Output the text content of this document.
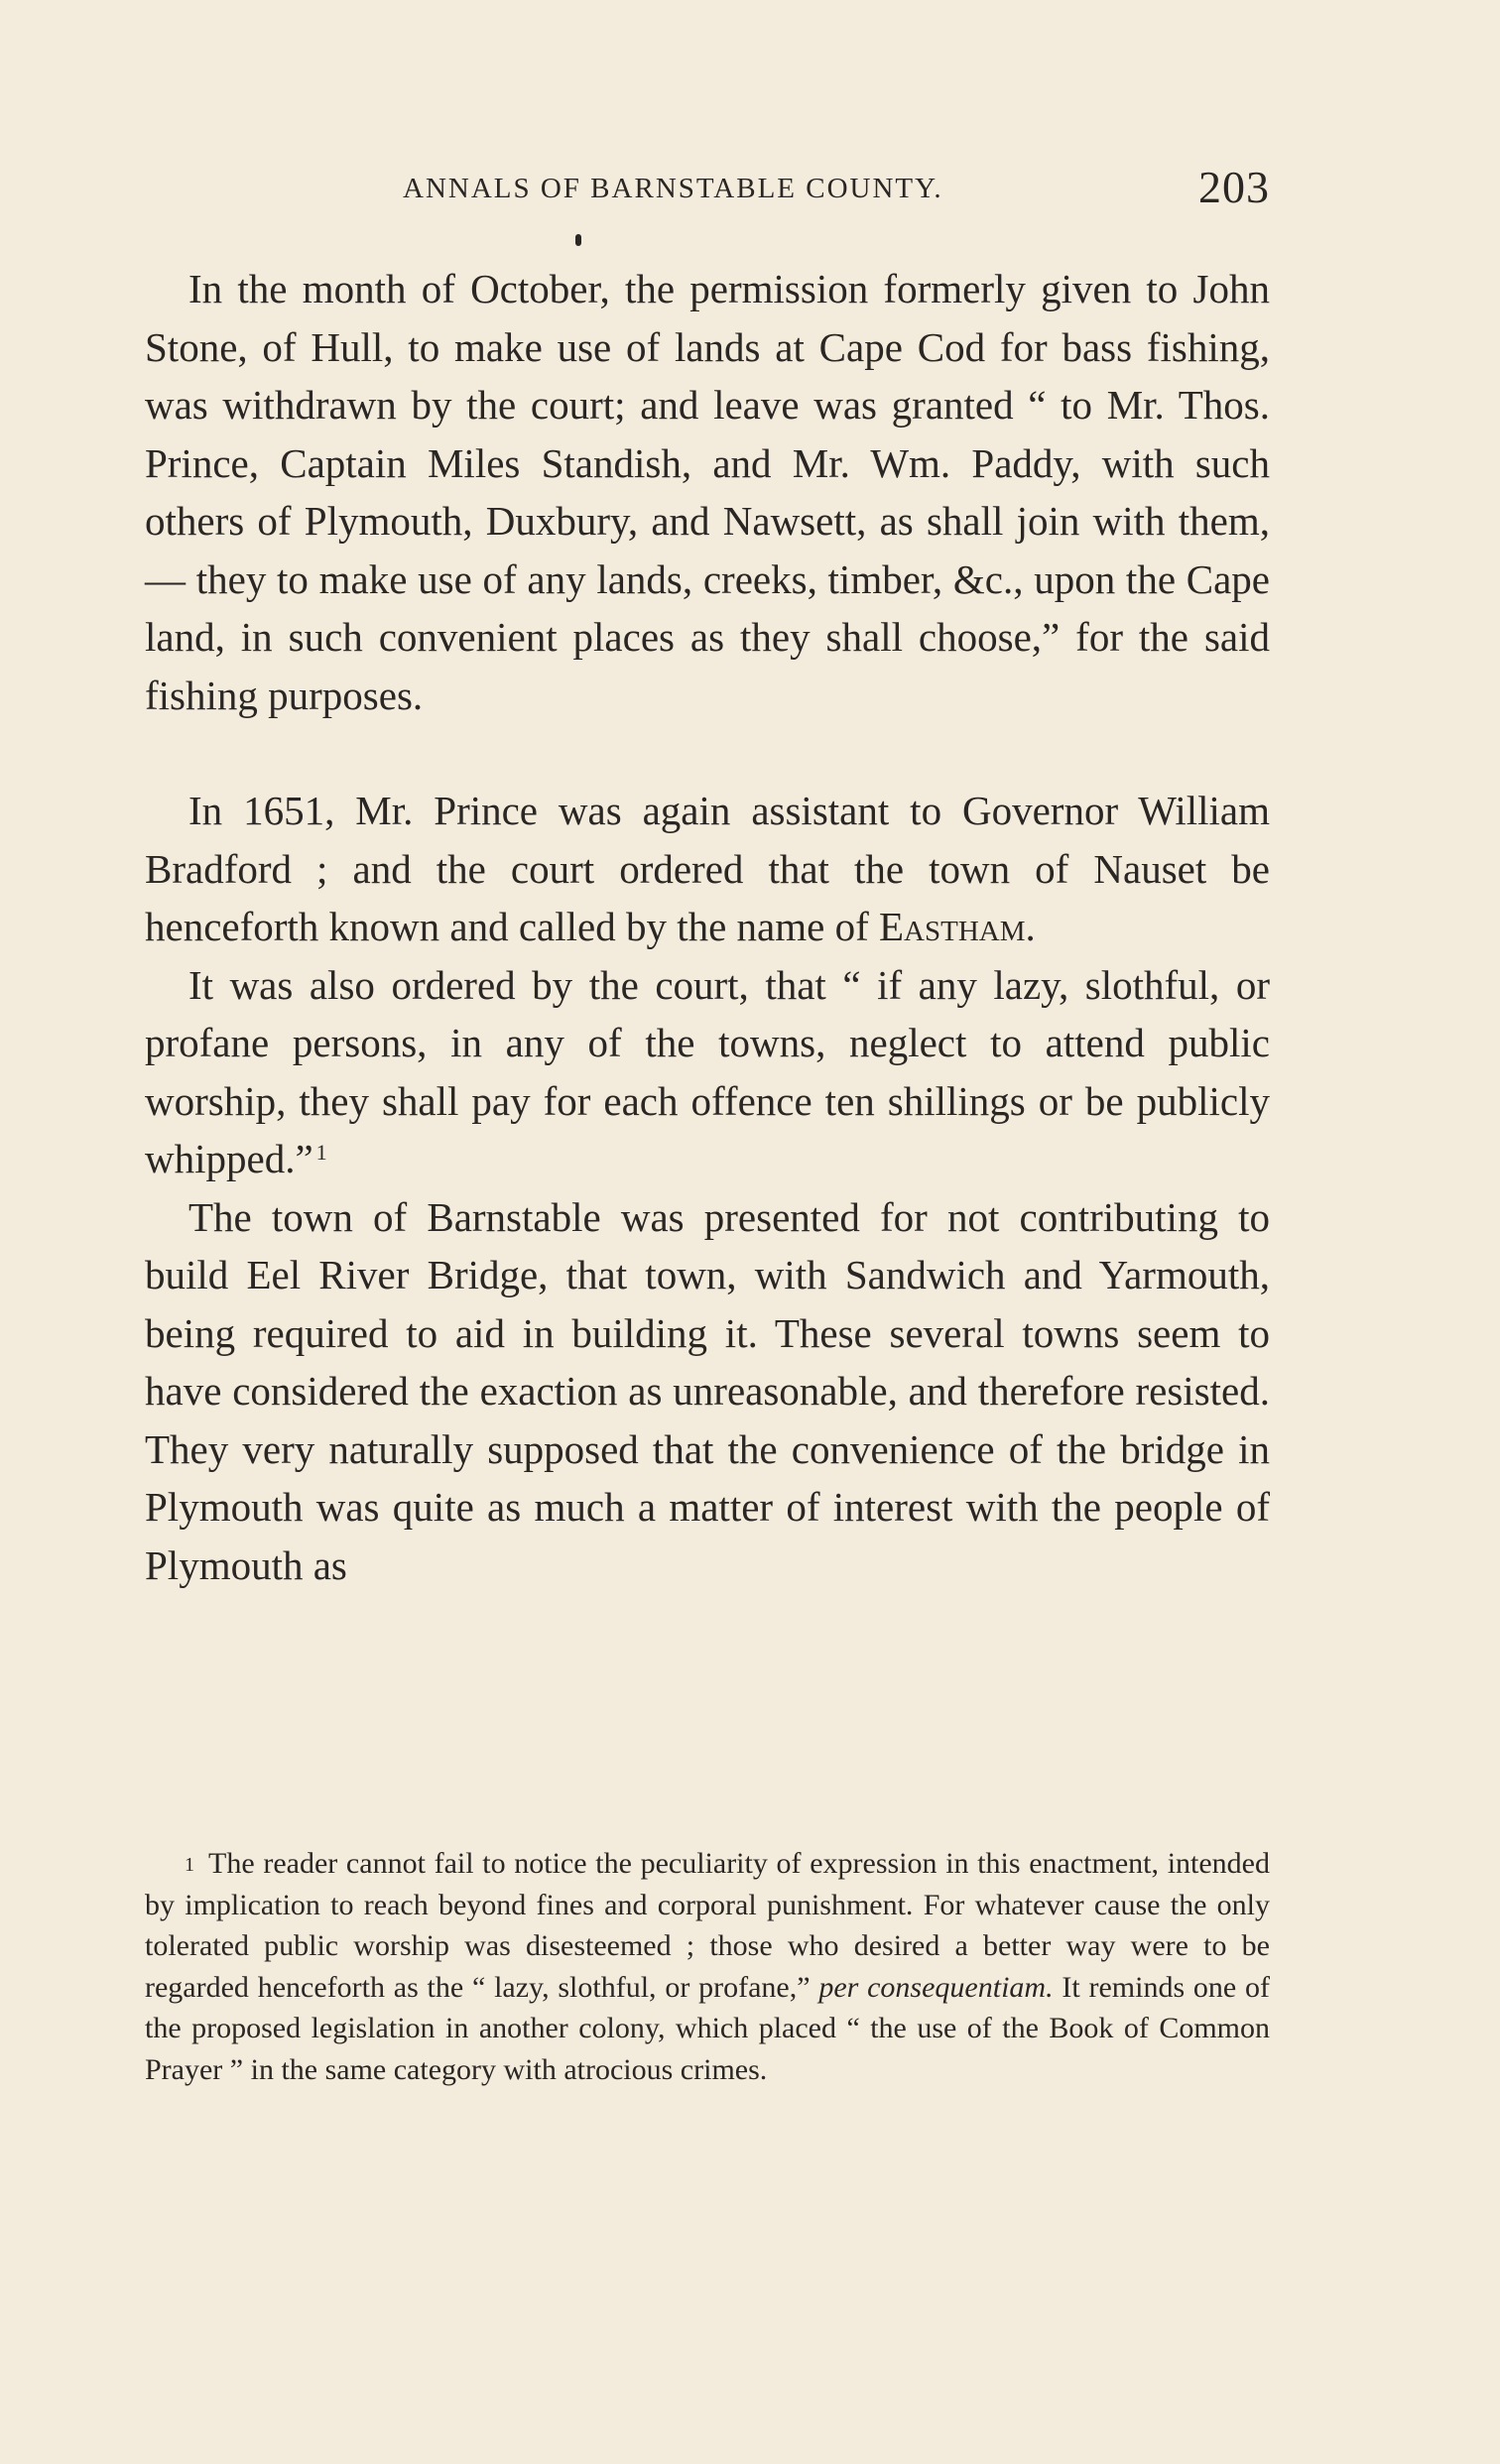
ANNALS OF BARNSTABLE COUNTY.	203

In the month of October, the permission formerly given to John Stone, of Hull, to make use of lands at Cape Cod for bass fishing, was withdrawn by the court; and leave was granted “ to Mr. Thos. Prince, Captain Miles Standish, and Mr. Wm. Paddy, with such others of Plymouth, Duxbury, and Nawsett, as shall join with them, — they to make use of any lands, creeks, timber, &c., upon the Cape land, in such convenient places as they shall choose,” for the said fishing purposes.

In 1651, Mr. Prince was again assistant to Governor William Bradford ; and the court ordered that the town of Nauset be henceforth known and called by the name of Eastham.

It was also ordered by the court, that “ if any lazy, slothful, or profane persons, in any of the towns, neglect to attend public worship, they shall pay for each offence ten shillings or be publicly whipped.” $^1$

The town of Barnstable was presented for not contributing to build Eel River Bridge, that town, with Sandwich and Yarmouth, being required to aid in building it. These several towns seem to have considered the exaction as unreasonable, and therefore resisted. They very naturally supposed that the convenience of the bridge in Plymouth was quite as much a matter of interest with the people of Plymouth as

$^1$ The reader cannot fail to notice the peculiarity of expression in this enactment, intended by implication to reach beyond fines and corporal punishment. For whatever cause the only tolerated public worship was disesteemed ; those who desired a better way were to be regarded henceforth as the “ lazy, slothful, or profane,” per consequentiam. It reminds one of the proposed legislation in another colony, which placed “ the use of the Book of Common Prayer ” in the same category with atrocious crimes.
